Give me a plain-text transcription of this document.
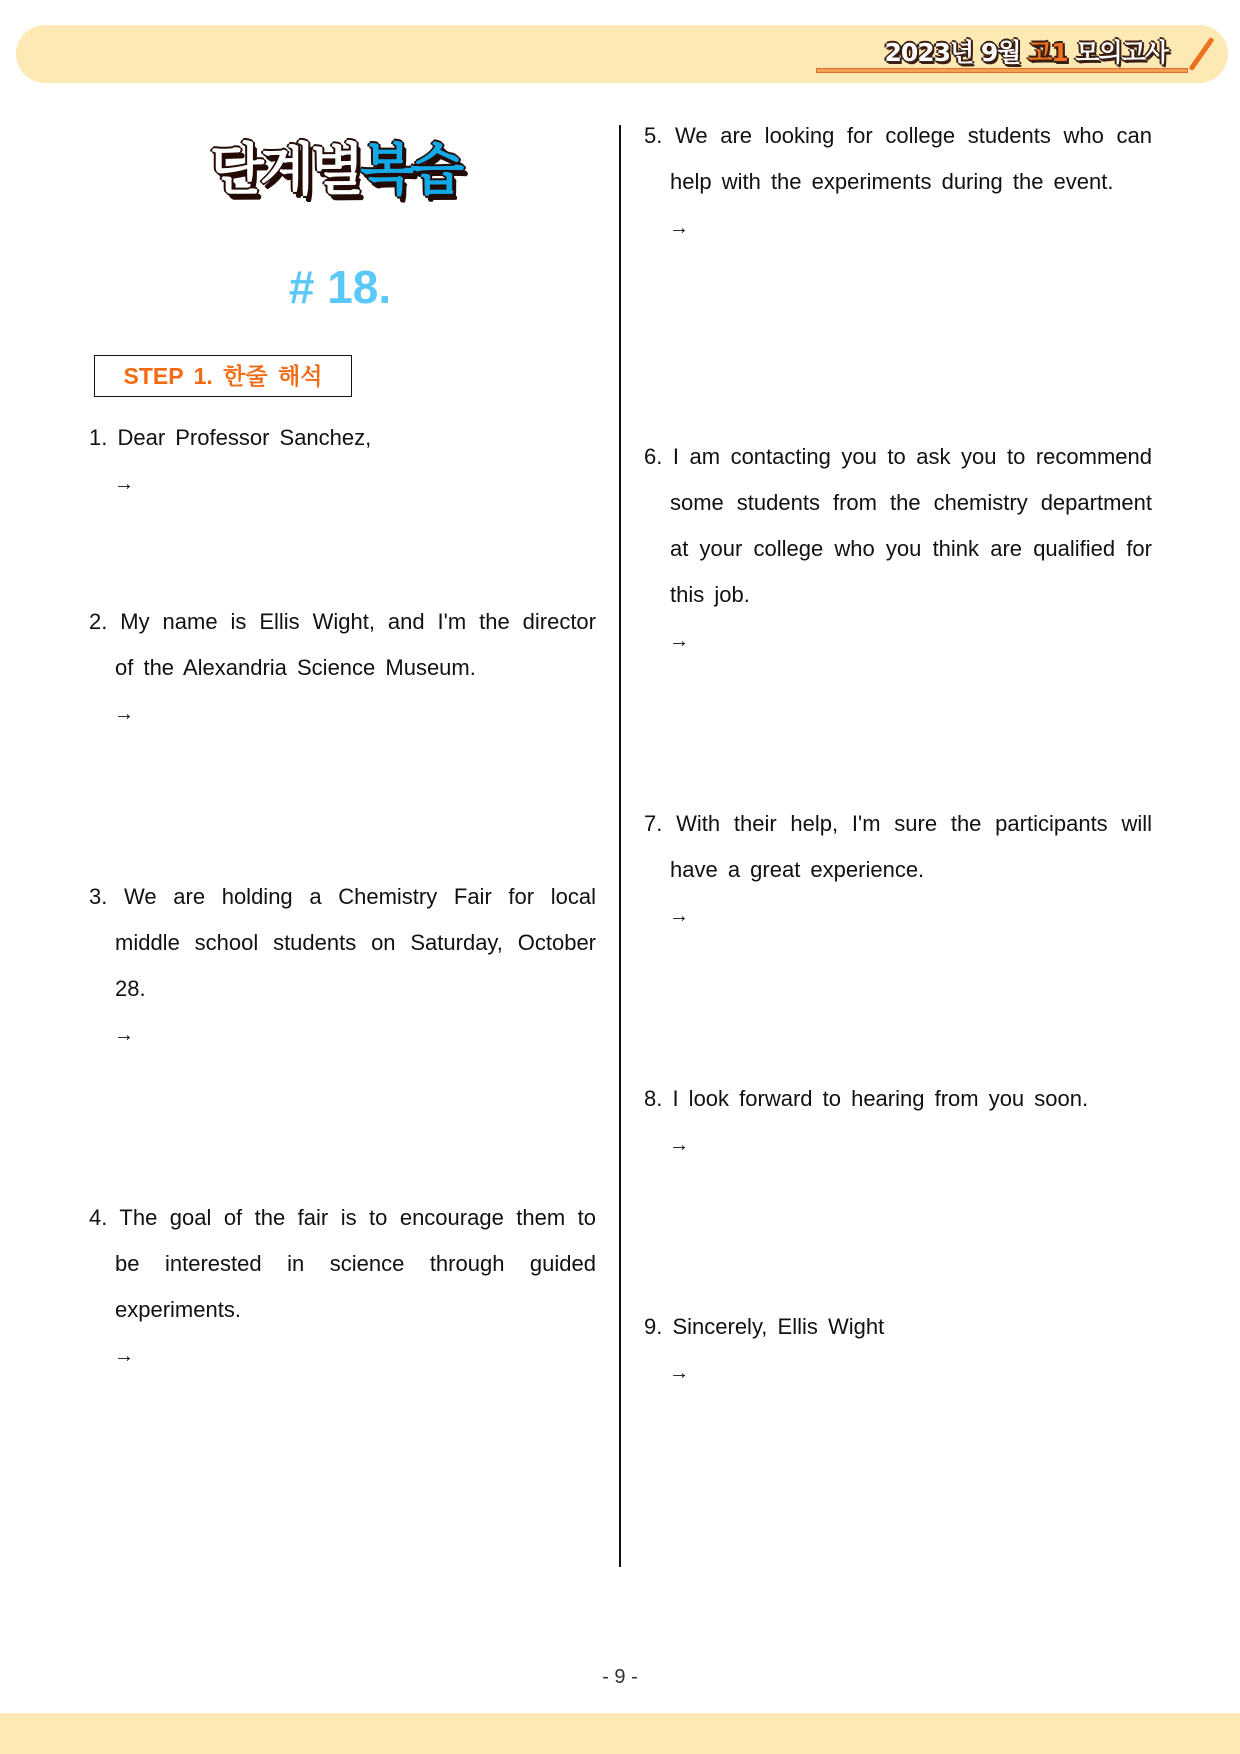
2023년 9월 고1 모의고사
단계별복습
# 18.
STEP 1. 한줄 해석
1. Dear Professor Sanchez,
→
2. My name is Ellis Wight, and I'm the director of the Alexandria Science Museum.
→
3. We are holding a Chemistry Fair for local middle school students on Saturday, October 28.
→
4. The goal of the fair is to encourage them to be interested in science through guided experiments.
→
5. We are looking for college students who can help with the experiments during the event.
→
6. I am contacting you to ask you to recommend some students from the chemistry department at your college who you think are qualified for this job.
→
7. With their help, I'm sure the participants will have a great experience.
→
8. I look forward to hearing from you soon.
→
9. Sincerely, Ellis Wight
→
- 9 -
